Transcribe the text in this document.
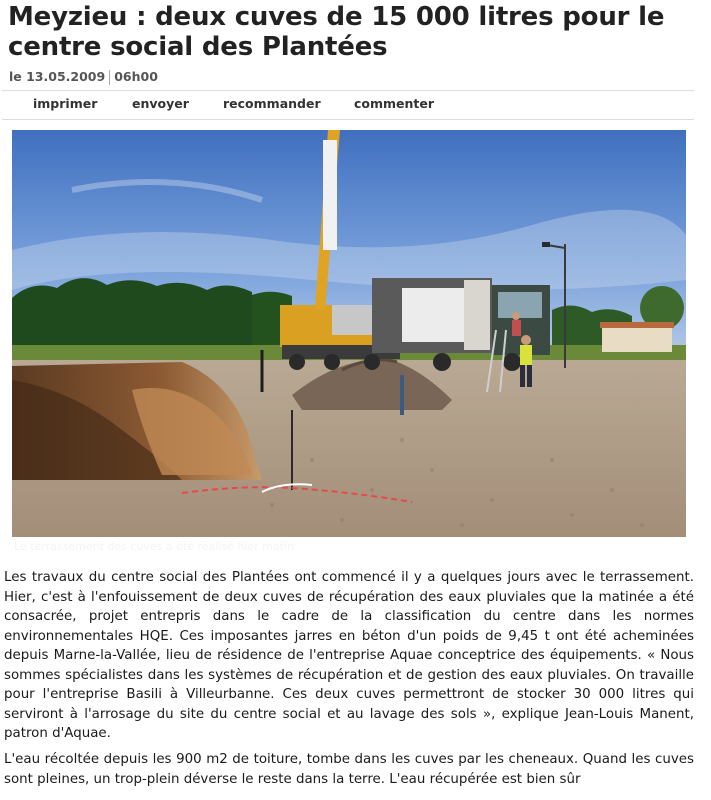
Meyzieu : deux cuves de 15 000 litres pour le centre social des Plantées
le 13.05.2009 06h00
imprimer	envoyer	recommander	commenter
Le terrassement des cuves a été réalisé hier matin

Les travaux du centre social des Plantées ont commencé il y a quelques jours avec le terrassement. Hier, c'est à l'enfouissement de deux cuves de récupération des eaux pluviales que la matinée a été consacrée, projet entrepris dans le cadre de la classification du centre dans les normes environnementales HQE. Ces imposantes jarres en béton d'un poids de 9,45 t ont été acheminées depuis Marne-la-Vallée, lieu de résidence de l'entreprise Aquae conceptrice des équipements. « Nous sommes spécialistes dans les systèmes de récupération et de gestion des eaux pluviales. On travaille pour l'entreprise Basili à Villeurbanne. Ces deux cuves permettront de stocker 30 000 litres qui serviront à l'arrosage du site du centre social et au lavage des sols », explique Jean-Louis Manent, patron d'Aquae.

L'eau récoltée depuis les 900 m2 de toiture, tombe dans les cuves par les cheneaux. Quand les cuves sont pleines, un trop-plein déverse le reste dans la terre. L'eau récupérée est bien sûr
